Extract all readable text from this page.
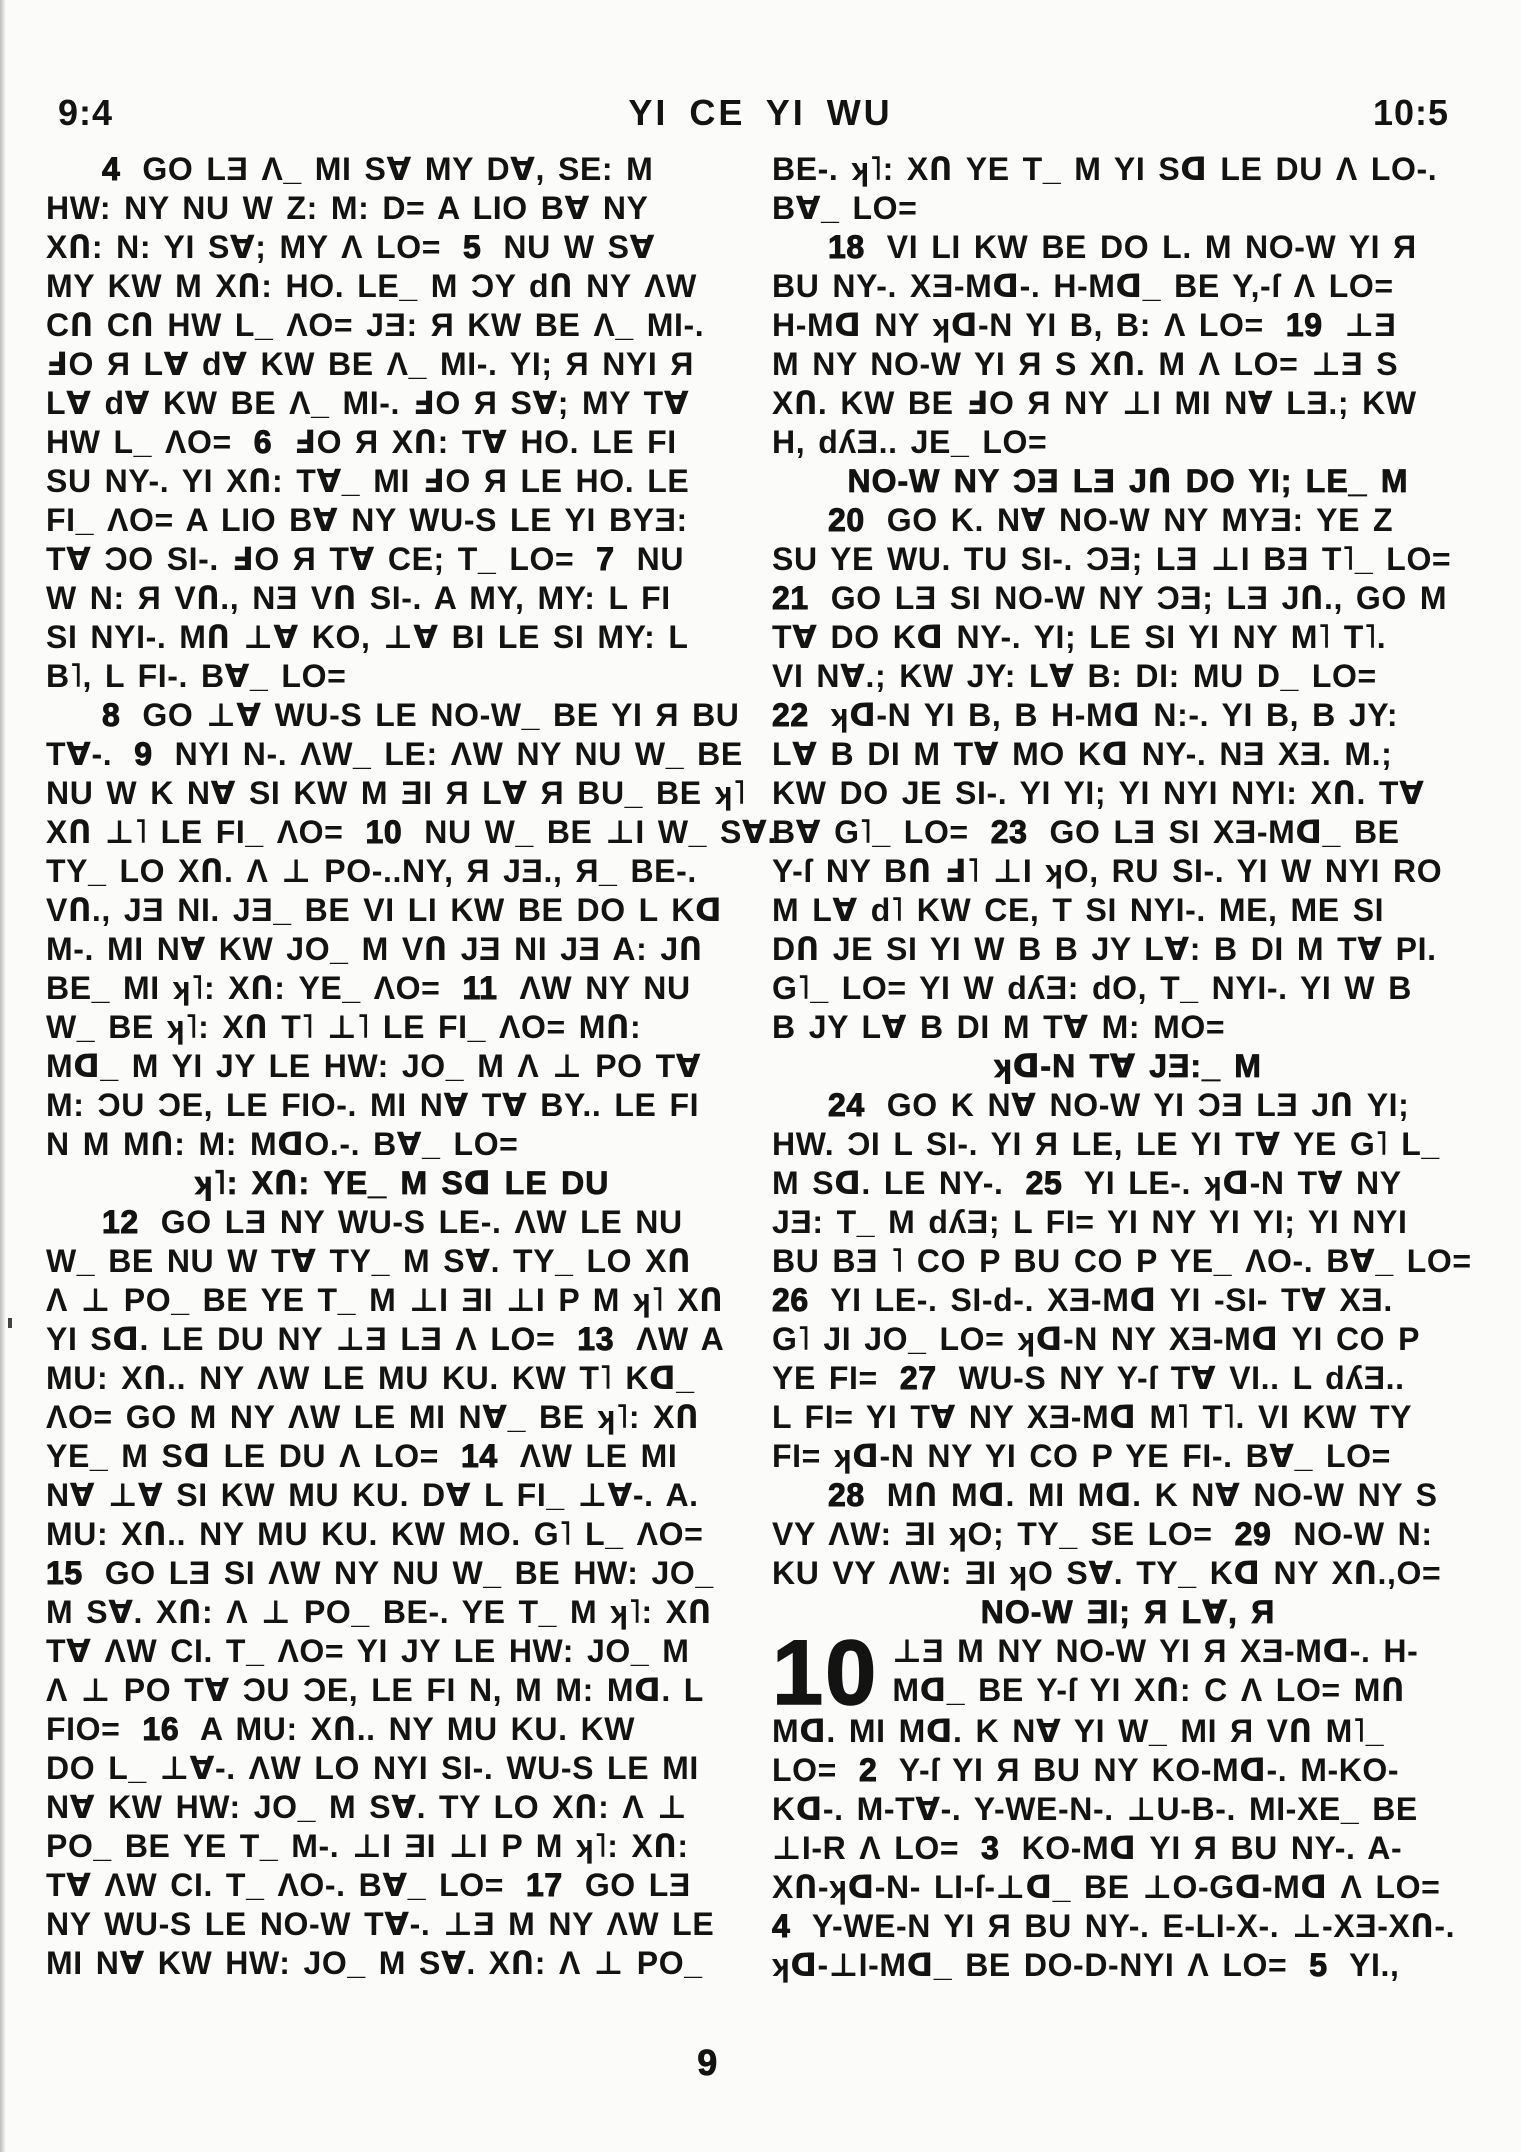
9:4	YI CE YI WU	10:5
4 GO LƎ Ʌ_ MI S∀ MY D∀, SE: M
HW: NY NU W Z: M: D= A LIO B∀ NY
XՈ: N: YI S∀; MY Ʌ LO= 5 NU W S∀
MY KW M XՈ: HO. LE_ M ƆY dՈ NY ɅW
CՈ CՈ HW L_ ɅO= JƎ: Я KW BE Ʌ_ MI-.
ℲO Я L∀ d∀ KW BE Ʌ_ MI-. YI; Я NYI Я
L∀ d∀ KW BE Ʌ_ MI-. ℲO Я S∀; MY T∀
HW L_ ɅO= 6 ℲO Я XՈ: T∀ HO. LE FI
SU NY-. YI XՈ: T∀_ MI ℲO Я LE HO. LE
FI_ ɅO= A LIO B∀ NY WU-S LE YI BYƎ:
T∀ ƆO SI-. ℲO Я T∀ CE; T_ LO= 7 NU
W N: Я VՈ., NƎ VՈ SI-. A MY, MY: L FI
SI NYI-. MՈ ⊥∀ KO, ⊥∀ BI LE SI MY: L
B˥, L FI-. B∀_ LO=
8 GO ⊥∀ WU-S LE NO-W_ BE YI Я BU
T∀-. 9 NYI N-. ɅW_ LE: ɅW NY NU W_ BE
NU W K N∀ SI KW M ƎI Я L∀ Я BU_ BE ʞ˥
XՈ ⊥˥ LE FI_ ɅO= 10 NU W_ BE ⊥I W_ S∀.
TY_ LO XՈ. Ʌ ⊥ PO-..NY, Я JƎ., Я_ BE-.
VՈ., JƎ NI. JƎ_ BE VI LI KW BE DO L Kᗡ
M-. MI N∀ KW JO_ M VՈ JƎ NI JƎ A: JՈ
BE_ MI ʞ˥: XՈ: YE_ ɅO= 11 ɅW NY NU
W_ BE ʞ˥: XՈ T˥ ⊥˥ LE FI_ ɅO= MՈ:
Mᗡ_ M YI JY LE HW: JO_ M Ʌ ⊥ PO T∀
M: ƆU ƆE, LE FIO-. MI N∀ T∀ BY.. LE FI
N M MՈ: M: MᗡO.-. B∀_ LO=
ʞ˥: XՈ: YE_ M Sᗡ LE DU
12 GO LƎ NY WU-S LE-. ɅW LE NU
W_ BE NU W T∀ TY_ M S∀. TY_ LO XՈ
Ʌ ⊥ PO_ BE YE T_ M ⊥I ƎI ⊥I P M ʞ˥ XՈ
YI Sᗡ. LE DU NY ⊥Ǝ LƎ Ʌ LO= 13 ɅW A
MU: XՈ.. NY ɅW LE MU KU. KW T˥ Kᗡ_
ɅO= GO M NY ɅW LE MI N∀_ BE ʞ˥: XՈ
YE_ M Sᗡ LE DU Ʌ LO= 14 ɅW LE MI
N∀ ⊥∀ SI KW MU KU. D∀ L FI_ ⊥∀-. A.
MU: XՈ.. NY MU KU. KW MO. G˥ L_ ɅO=
15 GO LƎ SI ɅW NY NU W_ BE HW: JO_
M S∀. XՈ: Ʌ ⊥ PO_ BE-. YE T_ M ʞ˥: XՈ
T∀ ɅW CI. T_ ɅO= YI JY LE HW: JO_ M
Ʌ ⊥ PO T∀ ƆU ƆE, LE FI N, M M: Mᗡ. L
FIO= 16 A MU: XՈ.. NY MU KU. KW
DO L_ ⊥∀-. ɅW LO NYI SI-. WU-S LE MI
N∀ KW HW: JO_ M S∀. TY LO XՈ: Ʌ ⊥
PO_ BE YE T_ M-. ⊥I ƎI ⊥I P M ʞ˥: XՈ:
T∀ ɅW CI. T_ ɅO-. B∀_ LO= 17 GO LƎ
NY WU-S LE NO-W T∀-. ⊥Ǝ M NY ɅW LE
MI N∀ KW HW: JO_ M S∀. XՈ: Ʌ ⊥ PO_
BE-. ʞ˥: XՈ YE T_ M YI Sᗡ LE DU Ʌ LO-.
B∀_ LO=
18 VI LI KW BE DO L. M NO-W YI Я
BU NY-. XƎ-Mᗡ-. H-Mᗡ_ BE Y,-ſ Ʌ LO=
H-Mᗡ NY ʞᗡ-N YI B, B: Ʌ LO= 19 ⊥Ǝ
M NY NO-W YI Я S XՈ. M Ʌ LO= ⊥Ǝ S
XՈ. KW BE ℲO Я NY ⊥I MI N∀ LƎ.; KW
H, dʎƎ.. JE_ LO=
NO-W NY ƆƎ LƎ JՈ DO YI; LE_ M
20 GO K. N∀ NO-W NY MYƎ: YE Z
SU YE WU. TU SI-. ƆƎ; LƎ ⊥I BƎ T˥_ LO=
21 GO LƎ SI NO-W NY ƆƎ; LƎ JՈ., GO M
T∀ DO Kᗡ NY-. YI; LE SI YI NY M˥ T˥.
VI N∀.; KW JY: L∀ B: DI: MU D_ LO=
22 ʞᗡ-N YI B, B H-Mᗡ N:-. YI B, B JY:
L∀ B DI M T∀ MO Kᗡ NY-. NƎ XƎ. M.;
KW DO JE SI-. YI YI; YI NYI NYI: XՈ. T∀
B∀ G˥_ LO= 23 GO LƎ SI XƎ-Mᗡ_ BE
Y-ſ NY BՈ Ⅎ˥ ⊥I ʞO, RU SI-. YI W NYI RO
M L∀ d˥ KW CE, T SI NYI-. ME, ME SI
DՈ JE SI YI W B B JY L∀: B DI M T∀ PI.
G˥_ LO= YI W dʎƎ: dO, T_ NYI-. YI W B
B JY L∀ B DI M T∀ M: MO=
ʞᗡ-N T∀ JƎ:_ M
24 GO K N∀ NO-W YI ƆƎ LƎ JՈ YI;
HW. ƆI L SI-. YI Я LE, LE YI T∀ YE G˥ L_
M Sᗡ. LE NY-. 25 YI LE-. ʞᗡ-N T∀ NY
JƎ: T_ M dʎƎ; L FI= YI NY YI YI; YI NYI
BU BƎ ˥ CO P BU CO P YE_ ɅO-. B∀_ LO=
26 YI LE-. SI-d-. XƎ-Mᗡ YI -SI- T∀ XƎ.
G˥ JI JO_ LO= ʞᗡ-N NY XƎ-Mᗡ YI CO P
YE FI= 27 WU-S NY Y-ſ T∀ VI.. L dʎƎ..
L FI= YI T∀ NY XƎ-Mᗡ M˥ T˥. VI KW TY
FI= ʞᗡ-N NY YI CO P YE FI-. B∀_ LO=
28 MՈ Mᗡ. MI Mᗡ. K N∀ NO-W NY S
VY ɅW: ƎI ʞO; TY_ SE LO= 29 NO-W N:
KU VY ɅW: ƎI ʞO S∀. TY_ Kᗡ NY XՈ.,O=
NO-W ƎI; Я L∀, Я
10 ⊥Ǝ M NY NO-W YI Я XƎ-Mᗡ-. H-
Mᗡ_ BE Y-ſ YI XՈ: C Ʌ LO= MՈ
Mᗡ. MI Mᗡ. K N∀ YI W_ MI Я VՈ M˥_
LO= 2 Y-ſ YI Я BU NY KO-Mᗡ-. M-KO-
Kᗡ-. M-T∀-. Y-WE-N-. ⊥U-B-. MI-XE_ BE
⊥I-R Ʌ LO= 3 KO-Mᗡ YI Я BU NY-. A-
XՈ-ʞᗡ-N- LI-ſ-⊥ᗡ_ BE ⊥O-Gᗡ-Mᗡ Ʌ LO=
4 Y-WE-N YI Я BU NY-. E-LI-X-. ⊥-XƎ-XՈ-.
ʞᗡ-⊥I-Mᗡ_ BE DO-D-NYI Ʌ LO= 5 YI.,
9
